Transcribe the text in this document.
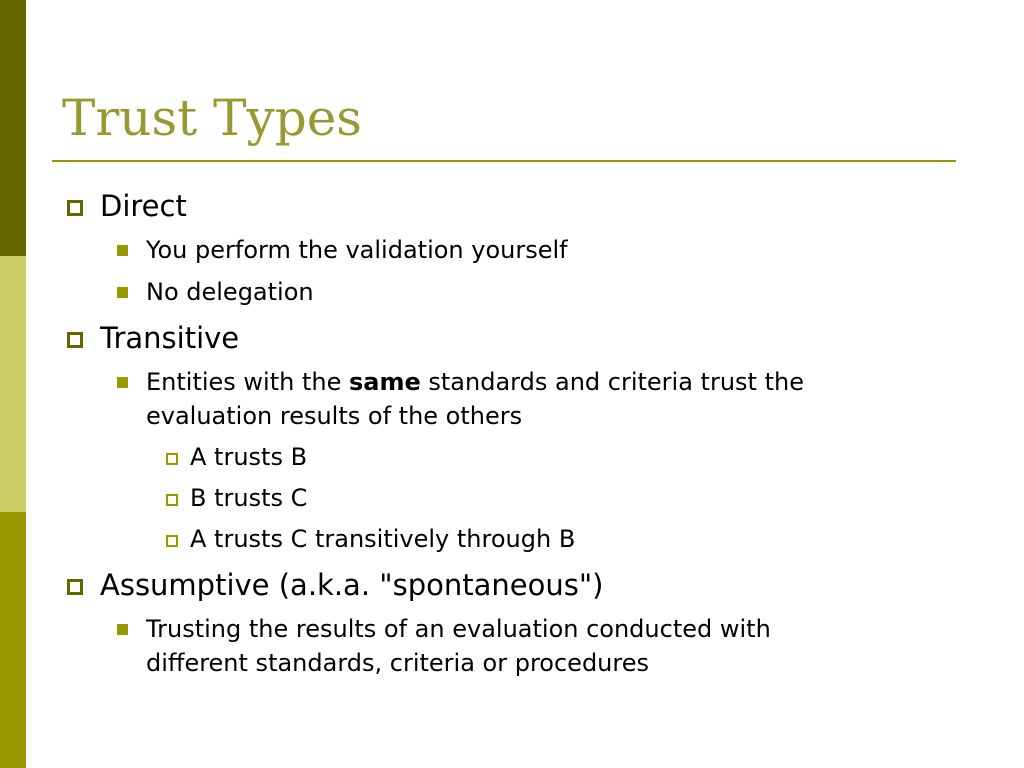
Trust Types
Direct
You perform the validation yourself
No delegation
Transitive
Entities with the same standards and criteria trust the
evaluation results of the others
A trusts B
B trusts C
A trusts C transitively through B
Assumptive (a.k.a. "spontaneous")
Trusting the results of an evaluation conducted with
different standards, criteria or procedures
